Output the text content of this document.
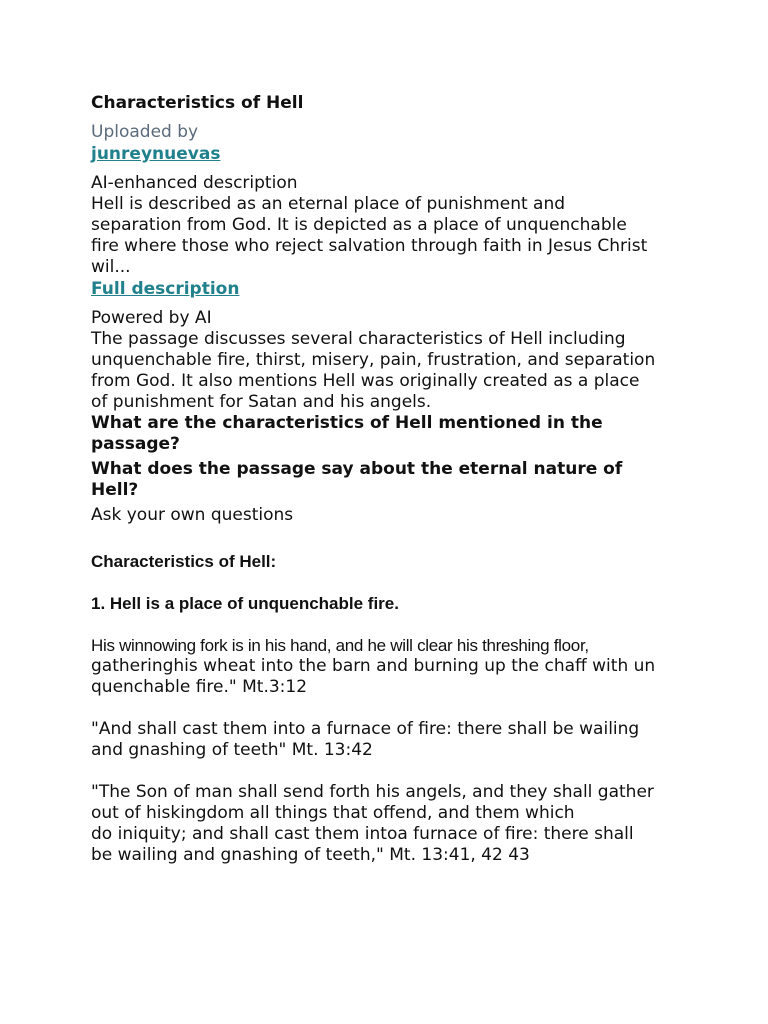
Characteristics of Hell
Uploaded by
junreynuevas
AI-enhanced description
Hell is described as an eternal place of punishment and
separation from God. It is depicted as a place of unquenchable
fire where those who reject salvation through faith in Jesus Christ
wil...
Full description
Powered by AI
The passage discusses several characteristics of Hell including
unquenchable fire, thirst, misery, pain, frustration, and separation
from God. It also mentions Hell was originally created as a place
of punishment for Satan and his angels.
What are the characteristics of Hell mentioned in the
passage?
What does the passage say about the eternal nature of
Hell?
Ask your own questions
Characteristics of Hell:
1. Hell is a place of unquenchable fire.
His winnowing fork is in his hand, and he will clear his threshing floor,
gatheringhis wheat into the barn and burning up the chaff with un
quenchable fire." Mt.3:12
"And shall cast them into a furnace of fire: there shall be wailing
and gnashing of teeth" Mt. 13:42
"The Son of man shall send forth his angels, and they shall gather
out of hiskingdom all things that offend, and them which
do iniquity; and shall cast them intoa furnace of fire: there shall
be wailing and gnashing of teeth," Mt. 13:41, 42 43
